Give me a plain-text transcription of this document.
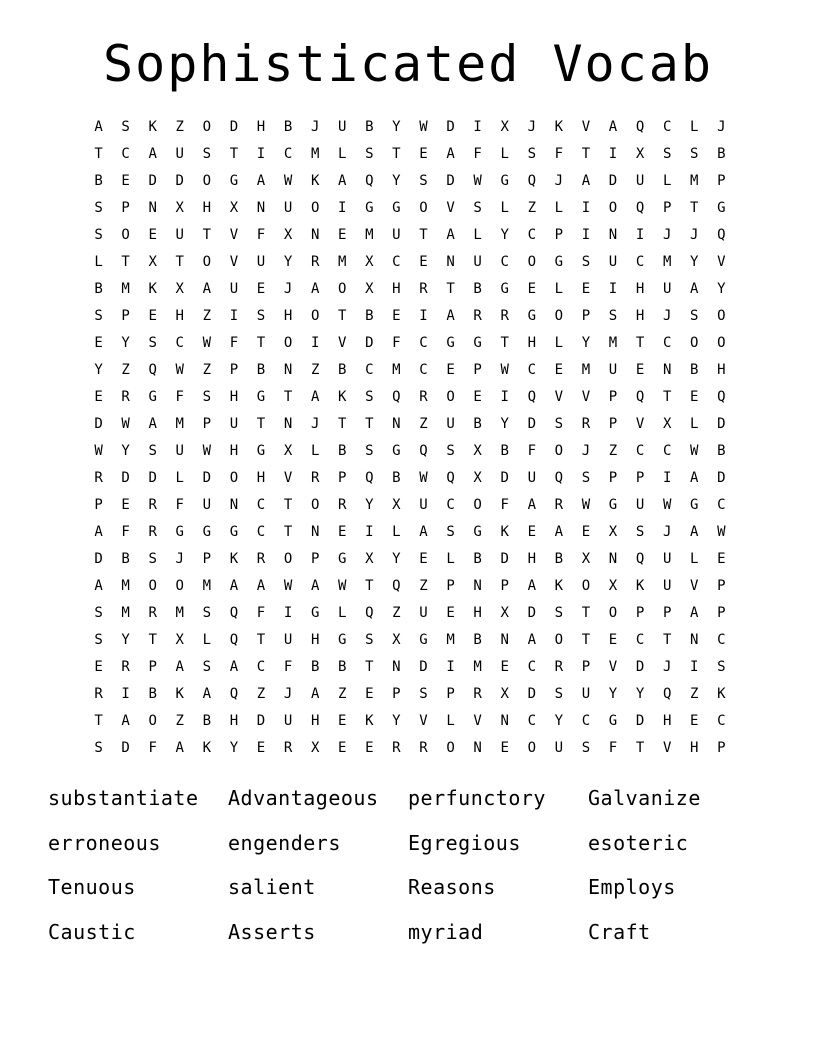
Sophisticated Vocab
A	S	K	Z	O	D	H	B	J	U	B	Y	W	D	I	X	J	K	V	A	Q	C	L	J
T	C	A	U	S	T	I	C	M	L	S	T	E	A	F	L	S	F	T	I	X	S	S	B
B	E	D	D	O	G	A	W	K	A	Q	Y	S	D	W	G	Q	J	A	D	U	L	M	P
S	P	N	X	H	X	N	U	O	I	G	G	O	V	S	L	Z	L	I	O	Q	P	T	G
S	O	E	U	T	V	F	X	N	E	M	U	T	A	L	Y	C	P	I	N	I	J	J	Q
L	T	X	T	O	V	U	Y	R	M	X	C	E	N	U	C	O	G	S	U	C	M	Y	V
B	M	K	X	A	U	E	J	A	O	X	H	R	T	B	G	E	L	E	I	H	U	A	Y
S	P	E	H	Z	I	S	H	O	T	B	E	I	A	R	R	G	O	P	S	H	J	S	O
E	Y	S	C	W	F	T	O	I	V	D	F	C	G	G	T	H	L	Y	M	T	C	O	O
Y	Z	Q	W	Z	P	B	N	Z	B	C	M	C	E	P	W	C	E	M	U	E	N	B	H
E	R	G	F	S	H	G	T	A	K	S	Q	R	O	E	I	Q	V	V	P	Q	T	E	Q
D	W	A	M	P	U	T	N	J	T	T	N	Z	U	B	Y	D	S	R	P	V	X	L	D
W	Y	S	U	W	H	G	X	L	B	S	G	Q	S	X	B	F	O	J	Z	C	C	W	B
R	D	D	L	D	O	H	V	R	P	Q	B	W	Q	X	D	U	Q	S	P	P	I	A	D
P	E	R	F	U	N	C	T	O	R	Y	X	U	C	O	F	A	R	W	G	U	W	G	C
A	F	R	G	G	G	C	T	N	E	I	L	A	S	G	K	E	A	E	X	S	J	A	W
D	B	S	J	P	K	R	O	P	G	X	Y	E	L	B	D	H	B	X	N	Q	U	L	E
A	M	O	O	M	A	A	W	A	W	T	Q	Z	P	N	P	A	K	O	X	K	U	V	P
S	M	R	M	S	Q	F	I	G	L	Q	Z	U	E	H	X	D	S	T	O	P	P	A	P
S	Y	T	X	L	Q	T	U	H	G	S	X	G	M	B	N	A	O	T	E	C	T	N	C
E	R	P	A	S	A	C	F	B	B	T	N	D	I	M	E	C	R	P	V	D	J	I	S
R	I	B	K	A	Q	Z	J	A	Z	E	P	S	P	R	X	D	S	U	Y	Y	Q	Z	K
T	A	O	Z	B	H	D	U	H	E	K	Y	V	L	V	N	C	Y	C	G	D	H	E	C
S	D	F	A	K	Y	E	R	X	E	E	R	R	O	N	E	O	U	S	F	T	V	H	P
substantiate	Advantageous	perfunctory	Galvanize
erroneous	engenders	Egregious	esoteric
Tenuous	salient	Reasons	Employs
Caustic	Asserts	myriad	Craft
